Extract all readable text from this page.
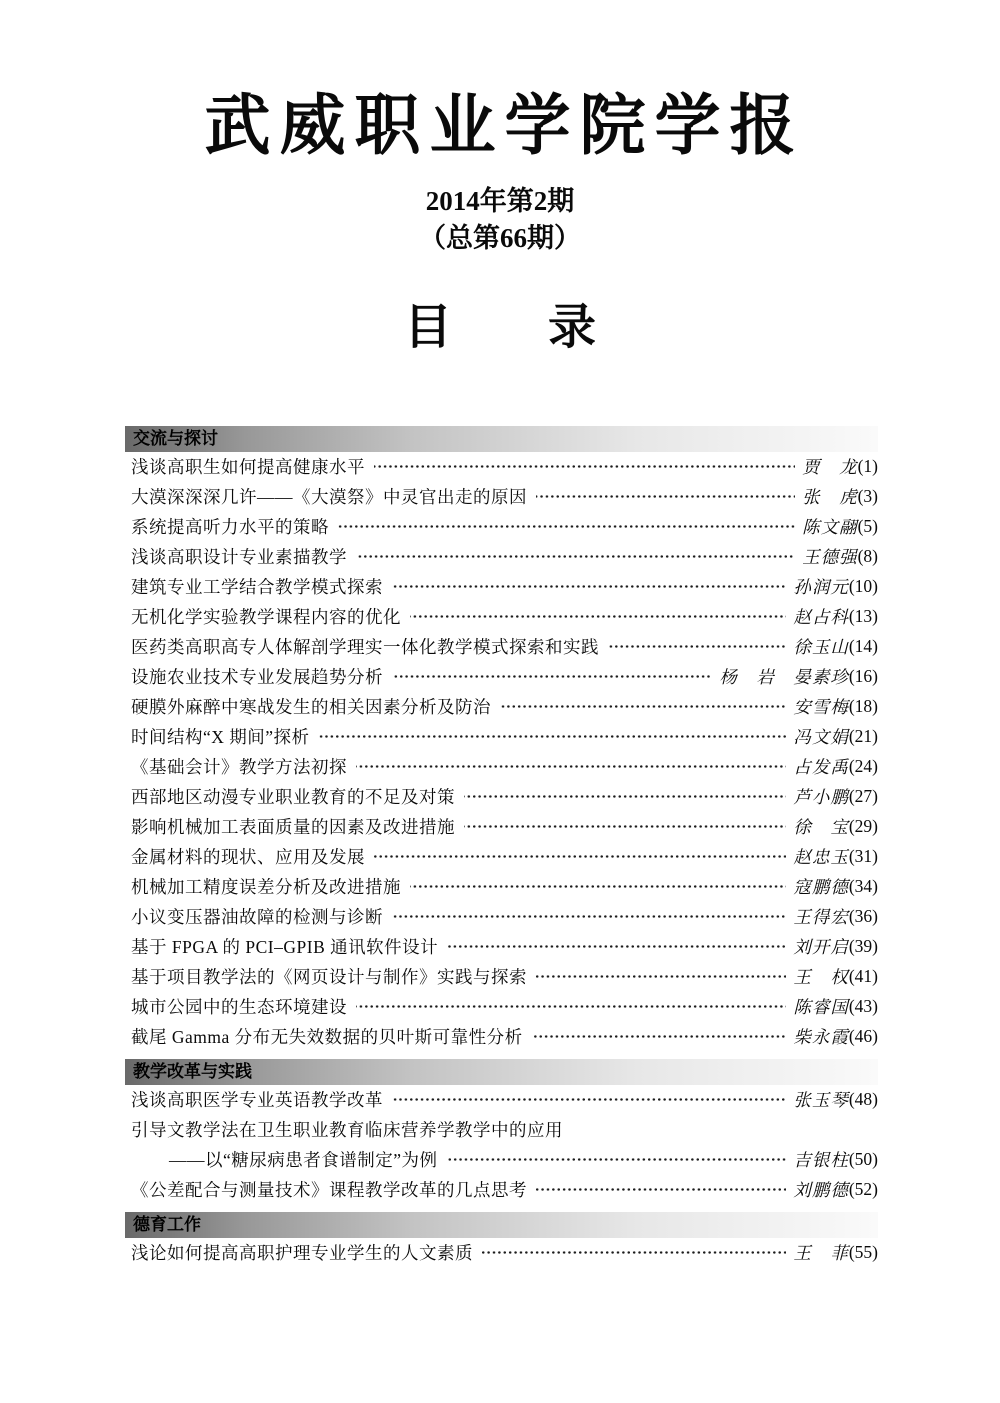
武威职业学院学报
2014年第2期
（总第66期）
目　　录
交流与探讨
浅谈高职生如何提高健康水平	贾　龙 (1)
大漠深深深几许——《大漠祭》中灵官出走的原因	张　虎 (3)
系统提高听力水平的策略	陈文翮 (5)
浅谈高职设计专业素描教学	王德强 (8)
建筑专业工学结合教学模式探索	孙润元 (10)
无机化学实验教学课程内容的优化	赵占科 (13)
医药类高职高专人体解剖学理实一体化教学模式探索和实践	徐玉山 (14)
设施农业技术专业发展趋势分析	杨　岩　晏素珍 (16)
硬膜外麻醉中寒战发生的相关因素分析及防治	安雪梅 (18)
时间结构“X 期间”探析	冯文娟 (21)
《基础会计》教学方法初探	占发禹 (24)
西部地区动漫专业职业教育的不足及对策	芦小鹏 (27)
影响机械加工表面质量的因素及改进措施	徐　宝 (29)
金属材料的现状、应用及发展	赵忠玉 (31)
机械加工精度误差分析及改进措施	寇鹏德 (34)
小议变压器油故障的检测与诊断	王得宏 (36)
基于 FPGA 的 PCI–GPIB 通讯软件设计	刘开启 (39)
基于项目教学法的《网页设计与制作》实践与探索	王　权 (41)
城市公园中的生态环境建设	陈睿国 (43)
截尾 Gamma 分布无失效数据的贝叶斯可靠性分析	柴永霞 (46)
教学改革与实践
浅谈高职医学专业英语教学改革	张玉琴 (48)
引导文教学法在卫生职业教育临床营养学教学中的应用
——以“糖尿病患者食谱制定”为例	吉银柱 (50)
《公差配合与测量技术》课程教学改革的几点思考	刘鹏德 (52)
德育工作
浅论如何提高高职护理专业学生的人文素质	王　菲 (55)
